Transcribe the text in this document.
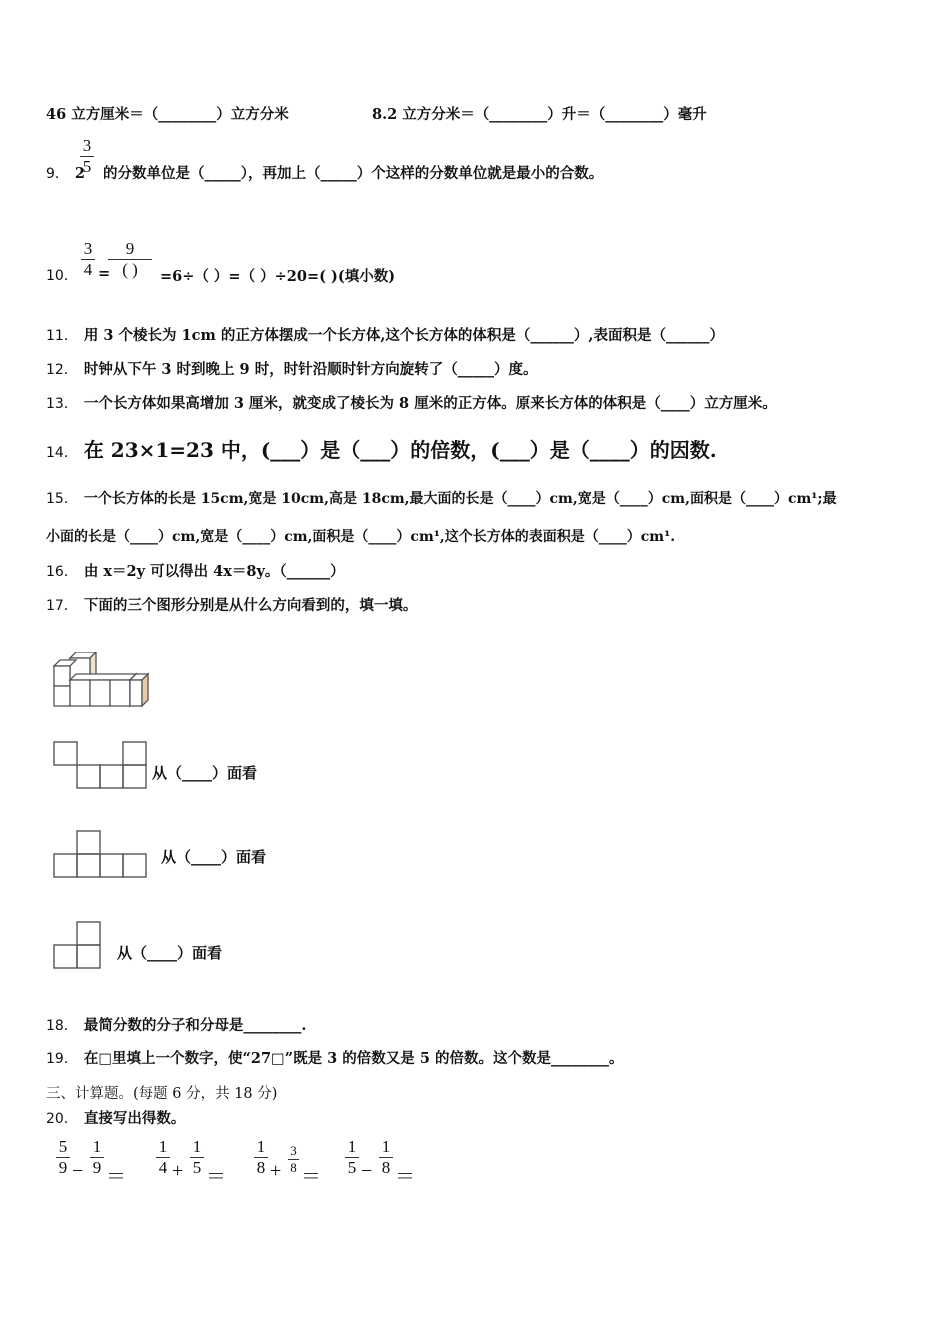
46 立方厘米＝（________）立方分米	8.2 立方分米＝（________）升＝（________）毫升
9． 2 的分数单位是（_____），再加上（_____）个这样的分数单位就是最小的合数。
3
5
10．
3
4 =
9
( )	=6÷（ ）=（ ）÷20=( )(填小数)
11． 用 3 个棱长为 1cm 的正方体摆成一个长方体,这个长方体的体积是（______）,表面积是（______）
12． 时钟从下午 3 时到晚上 9 时，时针沿顺时针方向旋转了（_____）度。
13． 一个长方体如果高增加 3 厘米，就变成了棱长为 8 厘米的正方体。原来长方体的体积是（____）立方厘米。
14． 在 23×1=23 中，(___）是（___）的倍数，(___）是（____）的因数.
15． 一个长方体的长是 15cm,宽是 10cm,高是 18cm,最大面的长是（____）cm,宽是（____）cm,面积是（____）cm¹;最
小面的长是（____）cm,宽是（____）cm,面积是（____）cm¹,这个长方体的表面积是（____）cm¹.
16． 由 x＝2y 可以得出 4x＝8y。（______）
17． 下面的三个图形分别是从什么方向看到的，填一填。
从（____）面看
从（____）面看
从（____）面看
18． 最简分数的分子和分母是________.
19． 在□里填上一个数字，使“27□”既是 3 的倍数又是 5 的倍数。这个数是________。
三、计算题。(每题 6 分，共 18 分)
20． 直接写出得数。
5
9 −
1
9 ＝
1
4 +
1
5 ＝
1
8 +
3
8 ＝
1
5 −
1
8 ＝
